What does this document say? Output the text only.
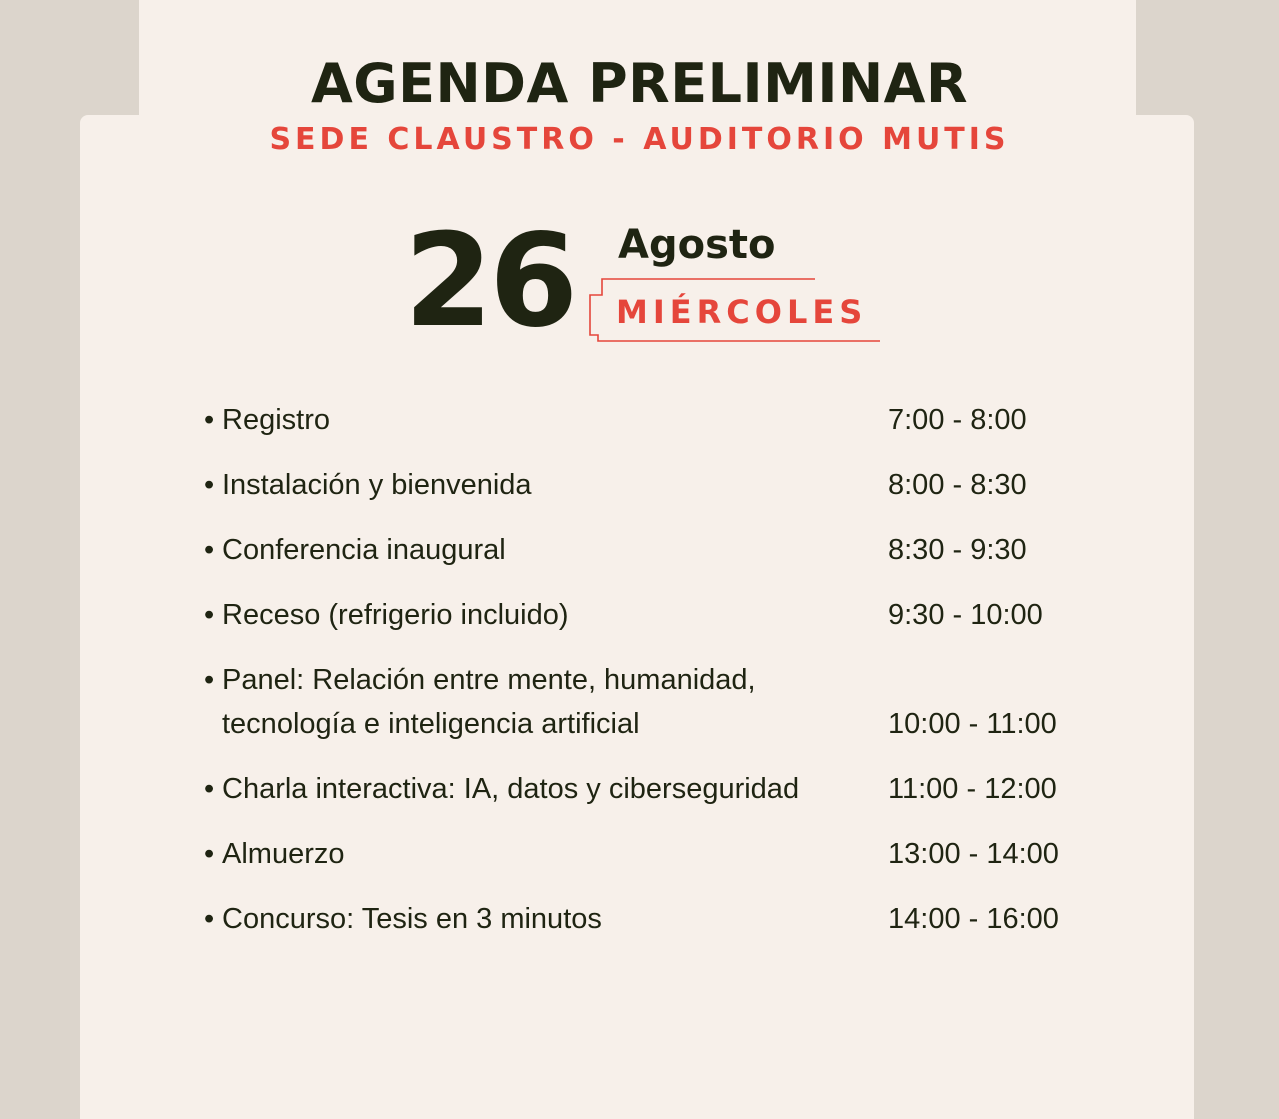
AGENDA PRELIMINAR
SEDE CLAUSTRO - AUDITORIO MUTIS
26 Agosto
MIÉRCOLES
• Registro	7:00 - 8:00
• Instalación y bienvenida	8:00 - 8:30
• Conferencia inaugural	8:30 - 9:30
• Receso (refrigerio incluido)	9:30 - 10:00
• Panel: Relación entre mente, humanidad, tecnología e inteligencia artificial	10:00 - 11:00
• Charla interactiva: IA, datos y ciberseguridad	11:00 - 12:00
• Almuerzo	13:00 - 14:00
• Concurso: Tesis en 3 minutos	14:00 - 16:00
